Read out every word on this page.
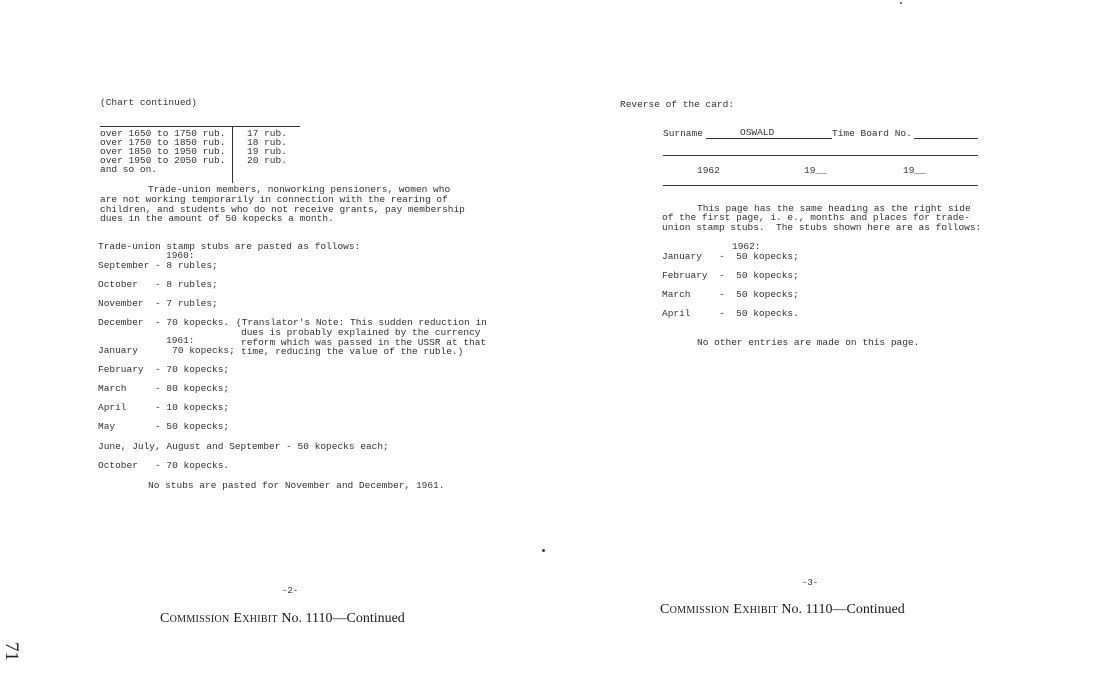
(Chart continued)
over 1650 to 1750 rub. 17 rub.
over 1750 to 1850 rub. 18 rub.
over 1850 to 1950 rub. 19 rub.
over 1950 to 2050 rub. 20 rub.
and so on.
Trade-union members, nonworking pensioners, women who
are not working temporarily in connection with the rearing of
children, and students who do not receive grants, pay membership
dues in the amount of 50 kopecks a month.
Trade-union stamp stubs are pasted as follows:
1960:
September - 8 rubles;
October   - 8 rubles;
November  - 7 rubles;
December  - 70 kopecks. (Translator's Note: This sudden reduction in
dues is probably explained by the currency
reform which was passed in the USSR at that
time, reducing the value of the ruble.)
1961:
January      70 kopecks;
February  - 70 kopecks;
March     - 80 kopecks;
April     - 10 kopecks;
May       - 50 kopecks;
June, July, August and September - 50 kopecks each;
October   - 70 kopecks.
No stubs are pasted for November and December, 1961.
-2-
Commission Exhibit No. 1110—Continued
71
Reverse of the card:
Surname	OSWALD	Time Board No.
1962	19__	19__
This page has the same heading as the right side
of the first page, i. e., months and places for trade-
union stamp stubs.  The stubs shown here are as follows:
1962:
January   -  50 kopecks;
February  -  50 kopecks;
March     -  50 kopecks;
April     -  50 kopecks.
No other entries are made on this page.
-3-
Commission Exhibit No. 1110—Continued
